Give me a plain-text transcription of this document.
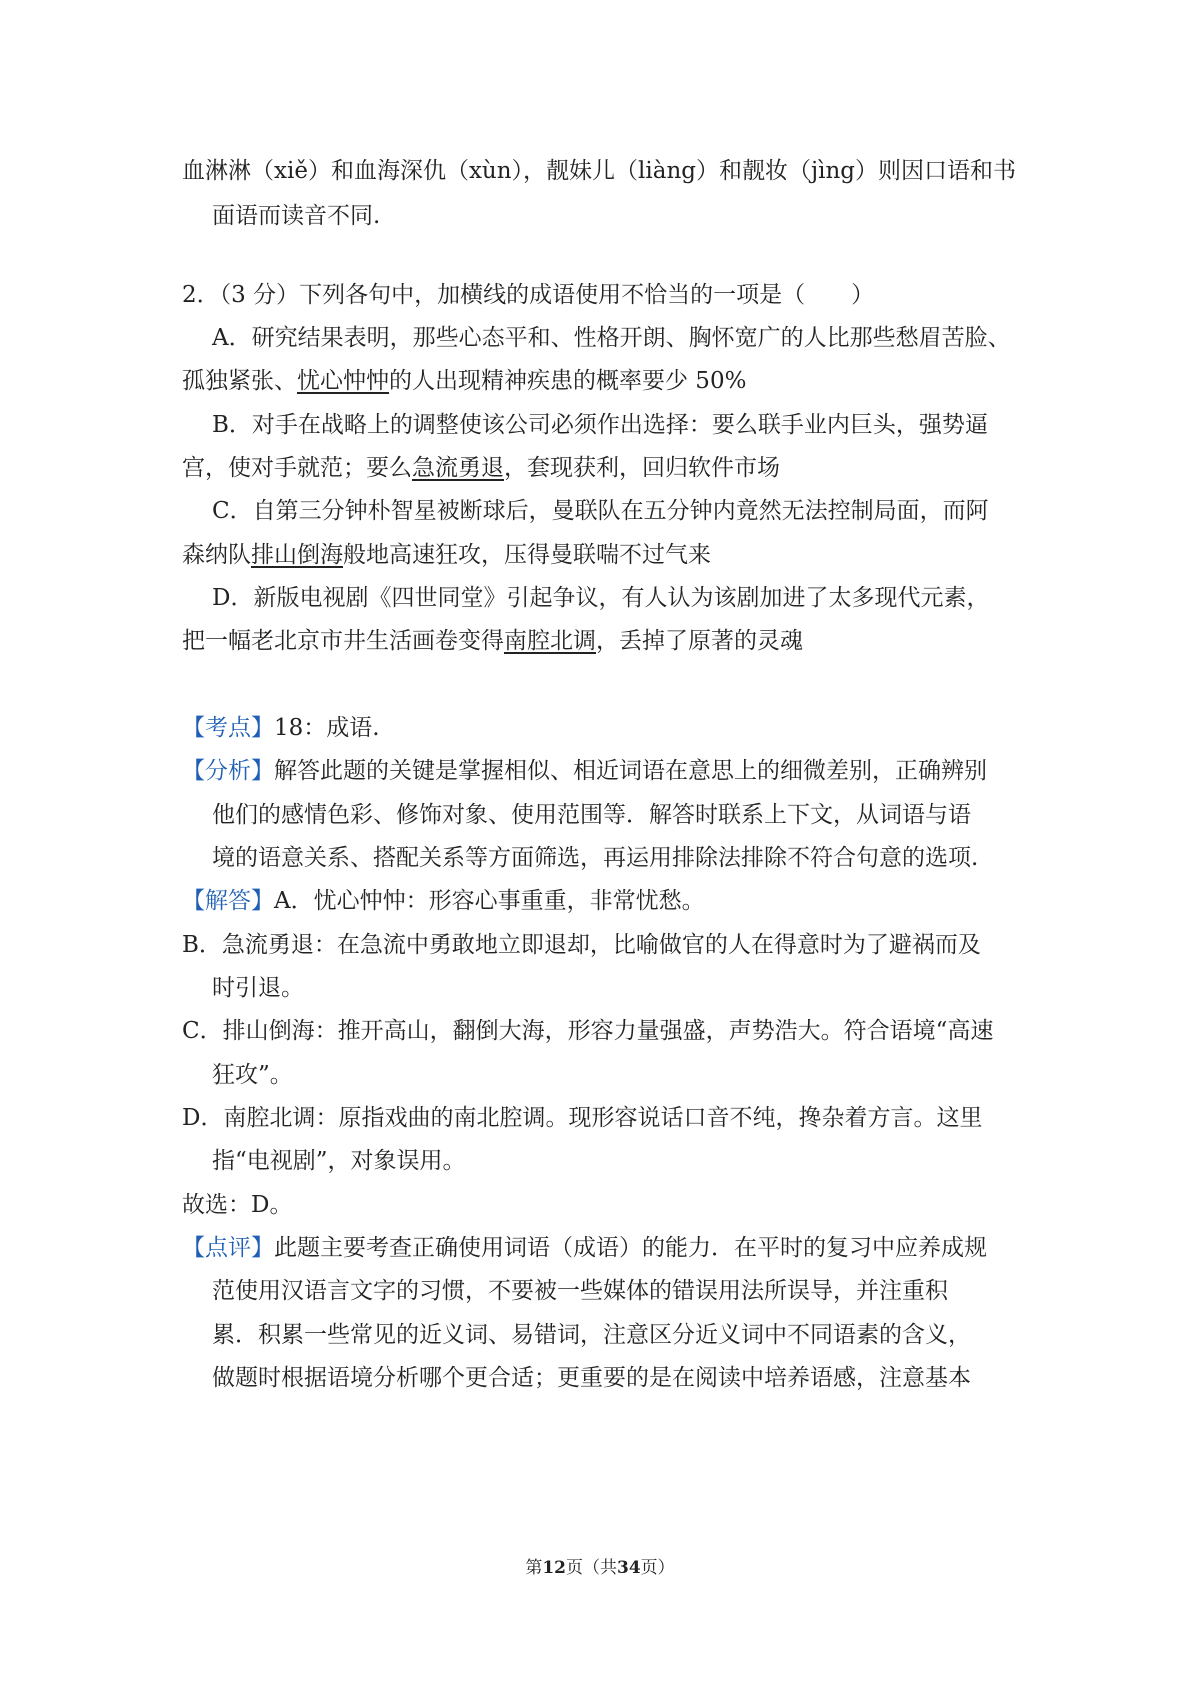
血淋淋（xiě）和血海深仇（xùn），靓妹儿（liàng）和靓妆（jìng）则因口语和书
面语而读音不同.
2．（3 分）下列各句中，加横线的成语使用不恰当的一项是（　　）
A．研究结果表明，那些心态平和、性格开朗、胸怀宽广的人比那些愁眉苦脸、
孤独紧张、忧心忡忡的人出现精神疾患的概率要少 50%
B．对手在战略上的调整使该公司必须作出选择：要么联手业内巨头，强势逼
宫，使对手就范；要么急流勇退，套现获利，回归软件市场
C．自第三分钟朴智星被断球后，曼联队在五分钟内竟然无法控制局面，而阿
森纳队排山倒海般地高速狂攻，压得曼联喘不过气来
D．新版电视剧《四世同堂》引起争议，有人认为该剧加进了太多现代元素，
把一幅老北京市井生活画卷变得南腔北调，丢掉了原著的灵魂
【考点】18：成语.
【分析】解答此题的关键是掌握相似、相近词语在意思上的细微差别，正确辨别
他们的感情色彩、修饰对象、使用范围等．解答时联系上下文，从词语与语
境的语意关系、搭配关系等方面筛选，再运用排除法排除不符合句意的选项.
【解答】A．忧心忡忡：形容心事重重，非常忧愁。
B．急流勇退：在急流中勇敢地立即退却，比喻做官的人在得意时为了避祸而及
时引退。
C．排山倒海：推开高山，翻倒大海，形容力量强盛，声势浩大。符合语境“高速
狂攻”。
D．南腔北调：原指戏曲的南北腔调。现形容说话口音不纯，搀杂着方言。这里
指“电视剧”，对象误用。
故选：D。
【点评】此题主要考查正确使用词语（成语）的能力．在平时的复习中应养成规
范使用汉语言文字的习惯，不要被一些媒体的错误用法所误导，并注重积
累．积累一些常见的近义词、易错词，注意区分近义词中不同语素的含义，
做题时根据语境分析哪个更合适；更重要的是在阅读中培养语感，注意基本
第12页（共34页）
